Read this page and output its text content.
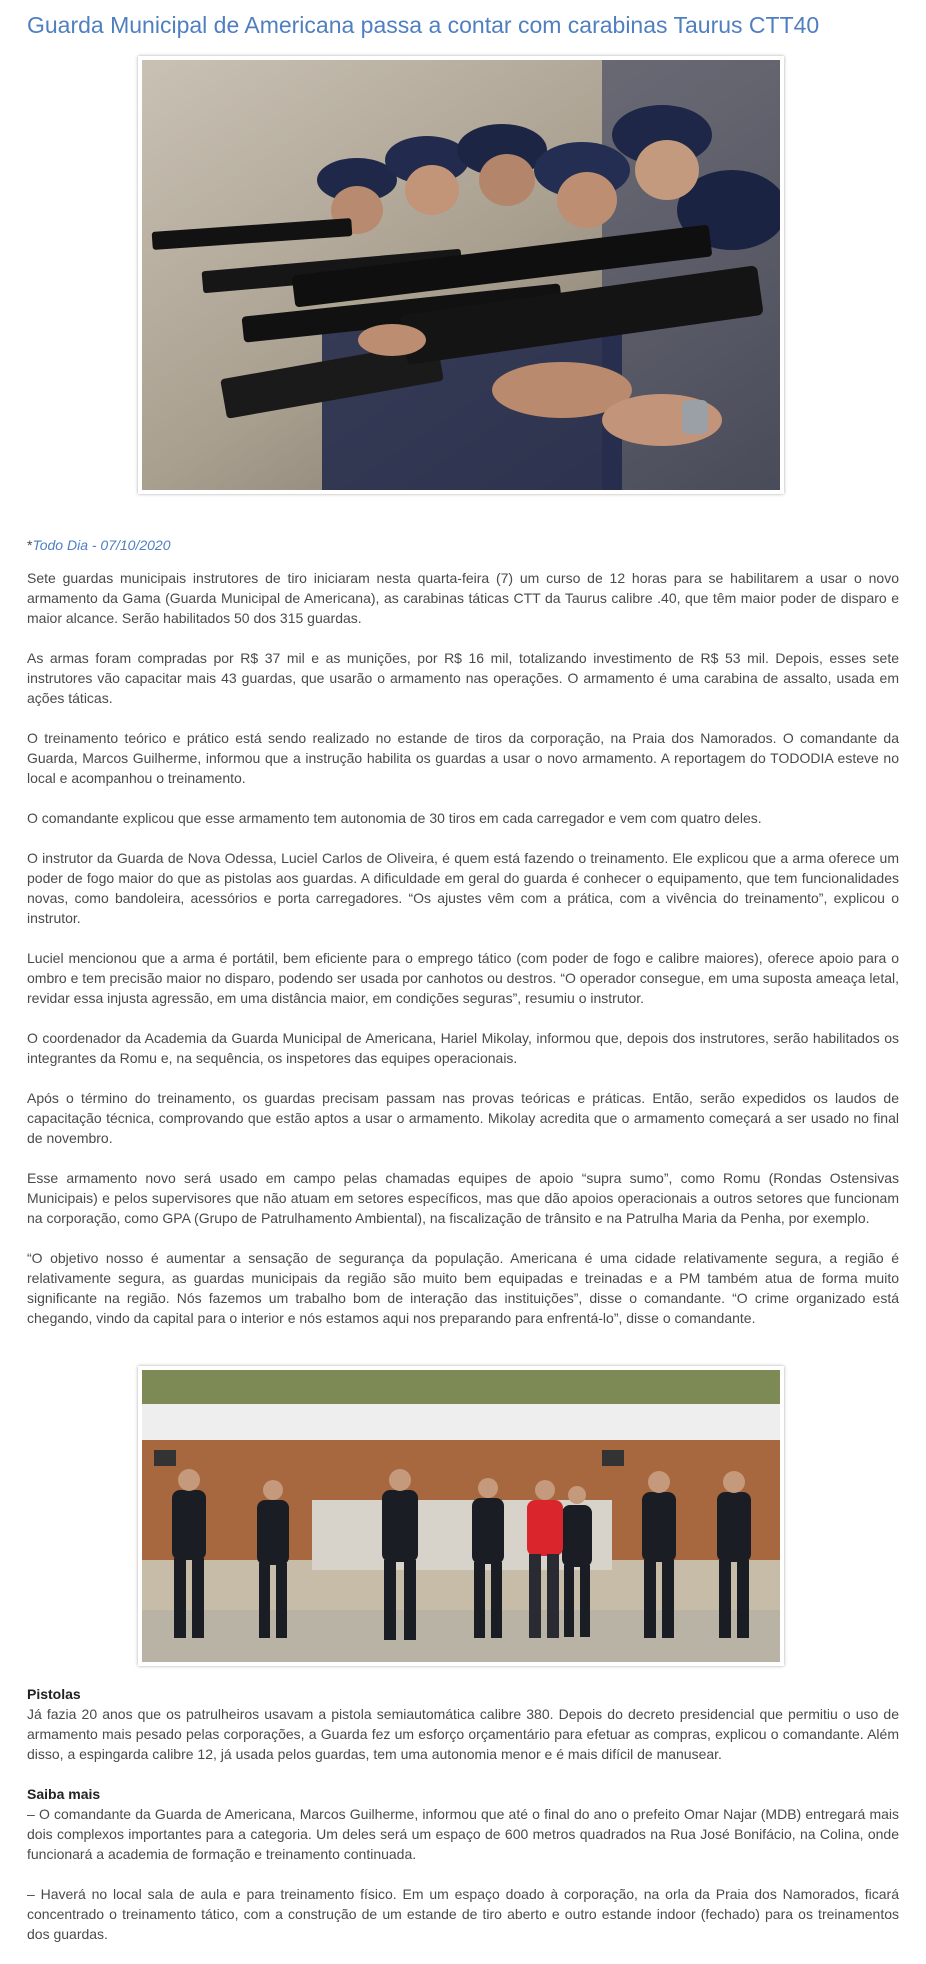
Guarda Municipal de Americana passa a contar com carabinas Taurus CTT40
*Todo Dia - 07/10/2020

Sete guardas municipais instrutores de tiro iniciaram nesta quarta-feira (7) um curso de 12 horas para se habilitarem a usar o novo armamento da Gama (Guarda Municipal de Americana), as carabinas táticas CTT da Taurus calibre .40, que têm maior poder de disparo e maior alcance. Serão habilitados 50 dos 315 guardas.

As armas foram compradas por R$ 37 mil e as munições, por R$ 16 mil, totalizando investimento de R$ 53 mil. Depois, esses sete instrutores vão capacitar mais 43 guardas, que usarão o armamento nas operações. O armamento é uma carabina de assalto, usada em ações táticas.

O treinamento teórico e prático está sendo realizado no estande de tiros da corporação, na Praia dos Namorados. O comandante da Guarda, Marcos Guilherme, informou que a instrução habilita os guardas a usar o novo armamento. A reportagem do TODODIA esteve no local e acompanhou o treinamento.

O comandante explicou que esse armamento tem autonomia de 30 tiros em cada carregador e vem com quatro deles.

O instrutor da Guarda de Nova Odessa, Luciel Carlos de Oliveira, é quem está fazendo o treinamento. Ele explicou que a arma oferece um poder de fogo maior do que as pistolas aos guardas. A dificuldade em geral do guarda é conhecer o equipamento, que tem funcionalidades novas, como bandoleira, acessórios e porta carregadores. “Os ajustes vêm com a prática, com a vivência do treinamento”, explicou o instrutor.

Luciel mencionou que a arma é portátil, bem eficiente para o emprego tático (com poder de fogo e calibre maiores), oferece apoio para o ombro e tem precisão maior no disparo, podendo ser usada por canhotos ou destros. “O operador consegue, em uma suposta ameaça letal, revidar essa injusta agressão, em uma distância maior, em condições seguras”, resumiu o instrutor.

O coordenador da Academia da Guarda Municipal de Americana, Hariel Mikolay, informou que, depois dos instrutores, serão habilitados os integrantes da Romu e, na sequência, os inspetores das equipes operacionais.

Após o término do treinamento, os guardas precisam passam nas provas teóricas e práticas. Então, serão expedidos os laudos de capacitação técnica, comprovando que estão aptos a usar o armamento. Mikolay acredita que o armamento começará a ser usado no final de novembro.

Esse armamento novo será usado em campo pelas chamadas equipes de apoio “supra sumo”, como Romu (Rondas Ostensivas Municipais) e pelos supervisores que não atuam em setores específicos, mas que dão apoios operacionais a outros setores que funcionam na corporação, como GPA (Grupo de Patrulhamento Ambiental), na fiscalização de trânsito e na Patrulha Maria da Penha, por exemplo.

“O objetivo nosso é aumentar a sensação de segurança da população. Americana é uma cidade relativamente segura, a região é relativamente segura, as guardas municipais da região são muito bem equipadas e treinadas e a PM também atua de forma muito significante na região. Nós fazemos um trabalho bom de interação das instituições”, disse o comandante. “O crime organizado está chegando, vindo da capital para o interior e nós estamos aqui nos preparando para enfrentá-lo”, disse o comandante.

Pistolas
Já fazia 20 anos que os patrulheiros usavam a pistola semiautomática calibre 380. Depois do decreto presidencial que permitiu o uso de armamento mais pesado pelas corporações, a Guarda fez um esforço orçamentário para efetuar as compras, explicou o comandante. Além disso, a espingarda calibre 12, já usada pelos guardas, tem uma autonomia menor e é mais difícil de manusear.
Saiba mais

– O comandante da Guarda de Americana, Marcos Guilherme, informou que até o final do ano o prefeito Omar Najar (MDB) entregará mais dois complexos importantes para a categoria. Um deles será um espaço de 600 metros quadrados na Rua José Bonifácio, na Colina, onde funcionará a academia de formação e treinamento continuada.

– Haverá no local sala de aula e para treinamento físico. Em um espaço doado à corporação, na orla da Praia dos Namorados, ficará concentrado o treinamento tático, com a construção de um estande de tiro aberto e outro estande indoor (fechado) para os treinamentos dos guardas.
